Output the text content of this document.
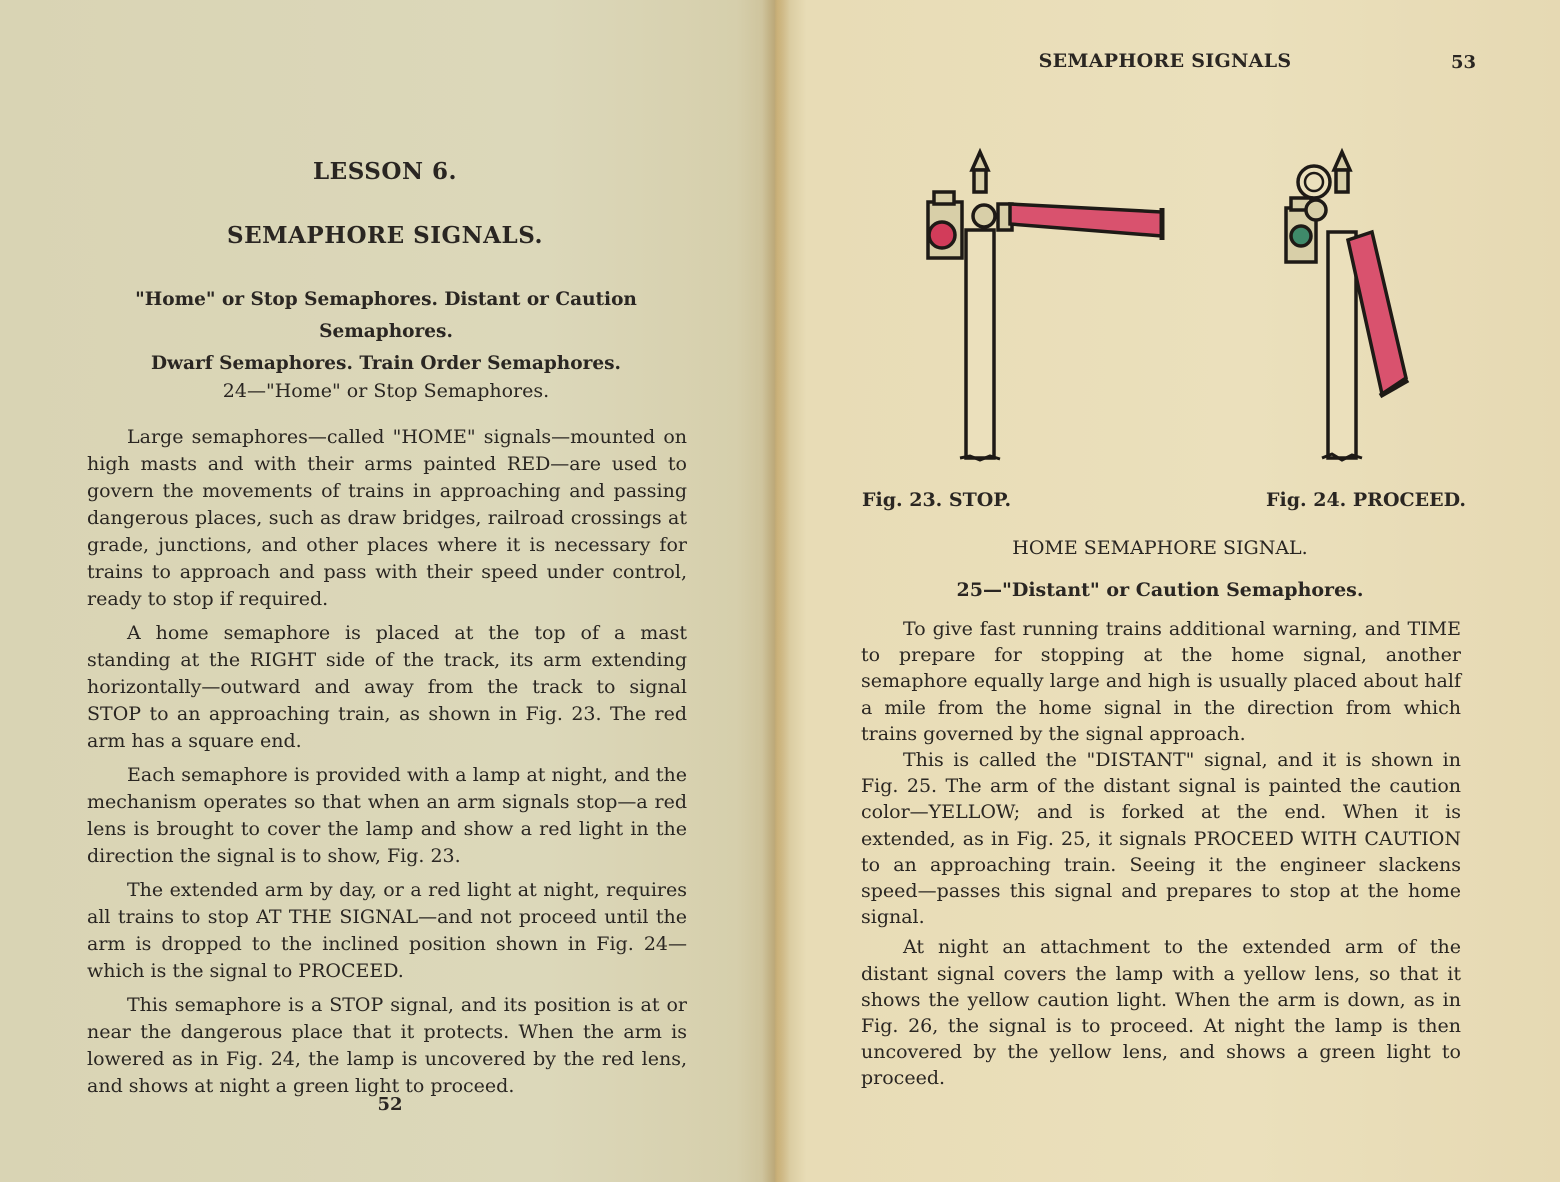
LESSON 6.
SEMAPHORE SIGNALS.
"Home" or Stop Semaphores. Distant or Caution Semaphores.
Dwarf Semaphores. Train Order Semaphores.
24—"Home" or Stop Semaphores.

Large semaphores—called "HOME" signals—mounted on high masts and with their arms painted RED—are used to govern the movements of trains in approaching and passing dangerous places, such as draw bridges, railroad crossings at grade, junctions, and other places where it is necessary for trains to approach and pass with their speed under control, ready to stop if required.

A home semaphore is placed at the top of a mast standing at the RIGHT side of the track, its arm extending horizontally—outward and away from the track to signal STOP to an approaching train, as shown in Fig. 23. The red arm has a square end.

Each semaphore is provided with a lamp at night, and the mechanism operates so that when an arm signals stop—a red lens is brought to cover the lamp and show a red light in the direction the signal is to show, Fig. 23.

The extended arm by day, or a red light at night, requires all trains to stop AT THE SIGNAL—and not proceed until the arm is dropped to the inclined position shown in Fig. 24—which is the signal to PROCEED.

This semaphore is a STOP signal, and its position is at or near the dangerous place that it protects. When the arm is lowered as in Fig. 24, the lamp is uncovered by the red lens, and shows at night a green light to proceed.

52
SEMAPHORE SIGNALS	53
Fig. 23. STOP.	Fig. 24. PROCEED.
HOME SEMAPHORE SIGNAL.
25—"Distant" or Caution Semaphores.

To give fast running trains additional warning, and TIME to prepare for stopping at the home signal, another semaphore equally large and high is usually placed about half a mile from the home signal in the direction from which trains governed by the signal approach.

This is called the "DISTANT" signal, and it is shown in Fig. 25. The arm of the distant signal is painted the caution color—YELLOW; and is forked at the end. When it is extended, as in Fig. 25, it signals PROCEED WITH CAUTION to an approaching train. Seeing it the engineer slackens speed—passes this signal and prepares to stop at the home signal.

At night an attachment to the extended arm of the distant signal covers the lamp with a yellow lens, so that it shows the yellow caution light. When the arm is down, as in Fig. 26, the signal is to proceed. At night the lamp is then uncovered by the yellow lens, and shows a green light to proceed.
